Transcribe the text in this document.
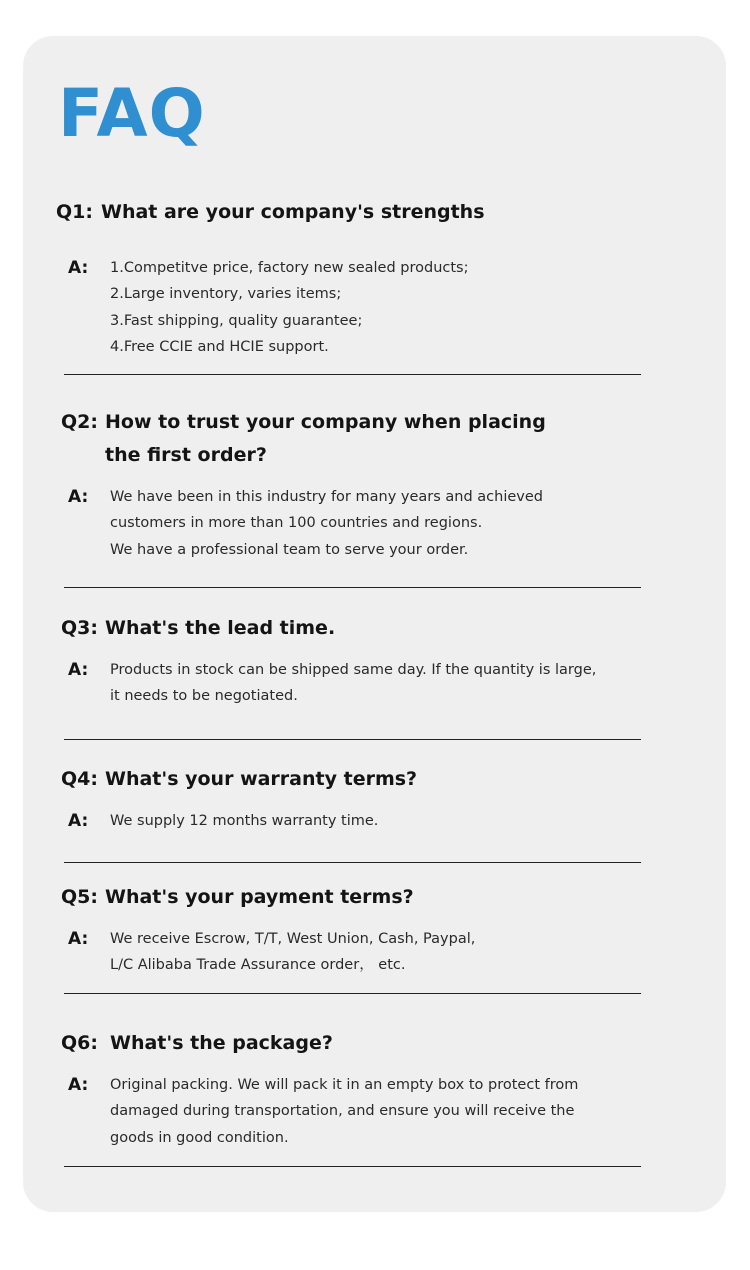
FAQ
Q1: What are your company's strengths
A: 1.Competitve price, factory new sealed products;
2.Large inventory, varies items;
3.Fast shipping, quality guarantee;
4.Free CCIE and HCIE support.
Q2: How to trust your company when placing
the first order?
A: We have been in this industry for many years and achieved
customers in more than 100 countries and regions.
We have a professional team to serve your order.
Q3: What's the lead time.
A: Products in stock can be shipped same day. If the quantity is large,
it needs to be negotiated.
Q4: What's your warranty terms?
A: We supply 12 months warranty time.
Q5: What's your payment terms?
A: We receive Escrow, T/T, West Union, Cash, Paypal,
L/C Alibaba Trade Assurance order， etc.
Q6: What's the package?
A: Original packing. We will pack it in an empty box to protect from
damaged during transportation, and ensure you will receive the
goods in good condition.
